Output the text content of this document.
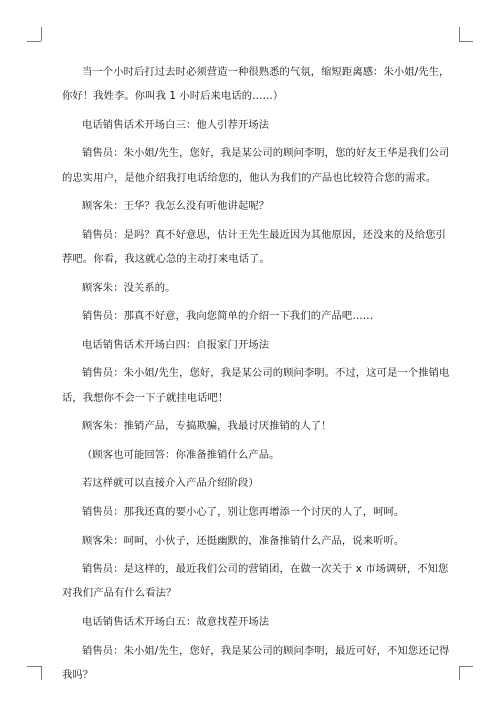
当一个小时后打过去时必须营造一种很熟悉的气氛，缩短距离感：朱小姐/先生，
你好！我姓李。你叫我 1 小时后来电话的……）

电话销售话术开场白三：他人引荐开场法

销售员：朱小姐/先生，您好，我是某公司的顾问李明，您的好友王华是我们公司
的忠实用户，是他介绍我打电话给您的，他认为我们的产品也比较符合您的需求。

顾客朱：王华？我怎么没有听他讲起呢？

销售员：是吗？真不好意思，估计王先生最近因为其他原因，还没来的及给您引
荐吧。你看，我这就心急的主动打来电话了。

顾客朱：没关系的。

销售员：那真不好意，我向您简单的介绍一下我们的产品吧……

电话销售话术开场白四：自报家门开场法

销售员：朱小姐/先生，您好，我是某公司的顾问李明。不过，这可是一个推销电
话，我想你不会一下子就挂电话吧！

顾客朱：推销产品，专搞欺骗，我最讨厌推销的人了！

（顾客也可能回答：你准备推销什么产品。

若这样就可以直接介入产品介绍阶段）

销售员：那我还真的要小心了，别让您再增添一个讨厌的人了，呵呵。

顾客朱：呵呵，小伙子，还挺幽默的，准备推销什么产品，说来听听。

销售员：是这样的，最近我们公司的营销团，在做一次关于 x 市场调研，不知您
对我们产品有什么看法？

电话销售话术开场白五：故意找茬开场法

销售员：朱小姐/先生，您好，我是某公司的顾问李明，最近可好，不知您还记得
我吗？
